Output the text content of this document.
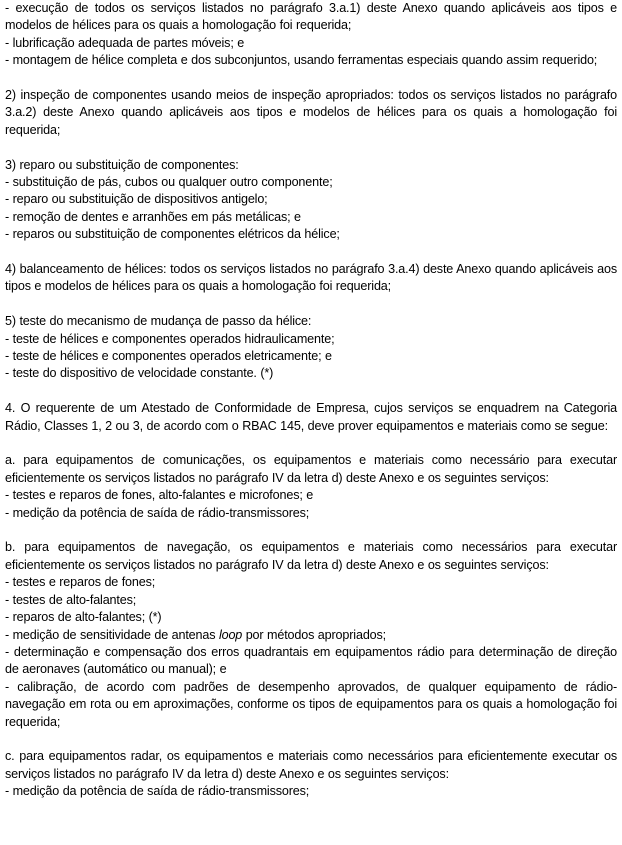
- execução de todos os serviços listados no parágrafo 3.a.1) deste Anexo quando aplicáveis aos tipos e modelos de hélices para os quais a homologação foi requerida;

- lubrificação adequada de partes móveis; e

- montagem de hélice completa e dos subconjuntos, usando ferramentas especiais quando assim requerido;

2) inspeção de componentes usando meios de inspeção apropriados: todos os serviços listados no parágrafo 3.a.2) deste Anexo quando aplicáveis aos tipos e modelos de hélices para os quais a homologação foi requerida;

3) reparo ou substituição de componentes:

- substituição de pás, cubos ou qualquer outro componente;

- reparo ou substituição de dispositivos antigelo;

- remoção de dentes e arranhões em pás metálicas; e

- reparos ou substituição de componentes elétricos da hélice;

4) balanceamento de hélices: todos os serviços listados no parágrafo 3.a.4) deste Anexo quando aplicáveis aos tipos e modelos de hélices para os quais a homologação foi requerida;

5) teste do mecanismo de mudança de passo da hélice:

- teste de hélices e componentes operados hidraulicamente;

- teste de hélices e componentes operados eletricamente; e

- teste do dispositivo de velocidade constante. (*)

4. O requerente de um Atestado de Conformidade de Empresa, cujos serviços se enquadrem na Categoria Rádio, Classes 1, 2 ou 3, de acordo com o RBAC 145, deve prover equipamentos e materiais como se segue:

a. para equipamentos de comunicações, os equipamentos e materiais como necessário para executar eficientemente os serviços listados no parágrafo IV da letra d) deste Anexo e os seguintes serviços:

- testes e reparos de fones, alto-falantes e microfones; e

- medição da potência de saída de rádio-transmissores;

b. para equipamentos de navegação, os equipamentos e materiais como necessários para executar eficientemente os serviços listados no parágrafo IV da letra d) deste Anexo e os seguintes serviços:

- testes e reparos de fones;

- testes de alto-falantes;

- reparos de alto-falantes; (*)

- medição de sensitividade de antenas loop por métodos apropriados;

- determinação e compensação dos erros quadrantais em equipamentos rádio para determinação de direção de aeronaves (automático ou manual); e

- calibração, de acordo com padrões de desempenho aprovados, de qualquer equipamento de rádio-navegação em rota ou em aproximações, conforme os tipos de equipamentos para os quais a homologação foi requerida;

c. para equipamentos radar, os equipamentos e materiais como necessários para eficientemente executar os serviços listados no parágrafo IV da letra d) deste Anexo e os seguintes serviços:

- medição da potência de saída de rádio-transmissores;
